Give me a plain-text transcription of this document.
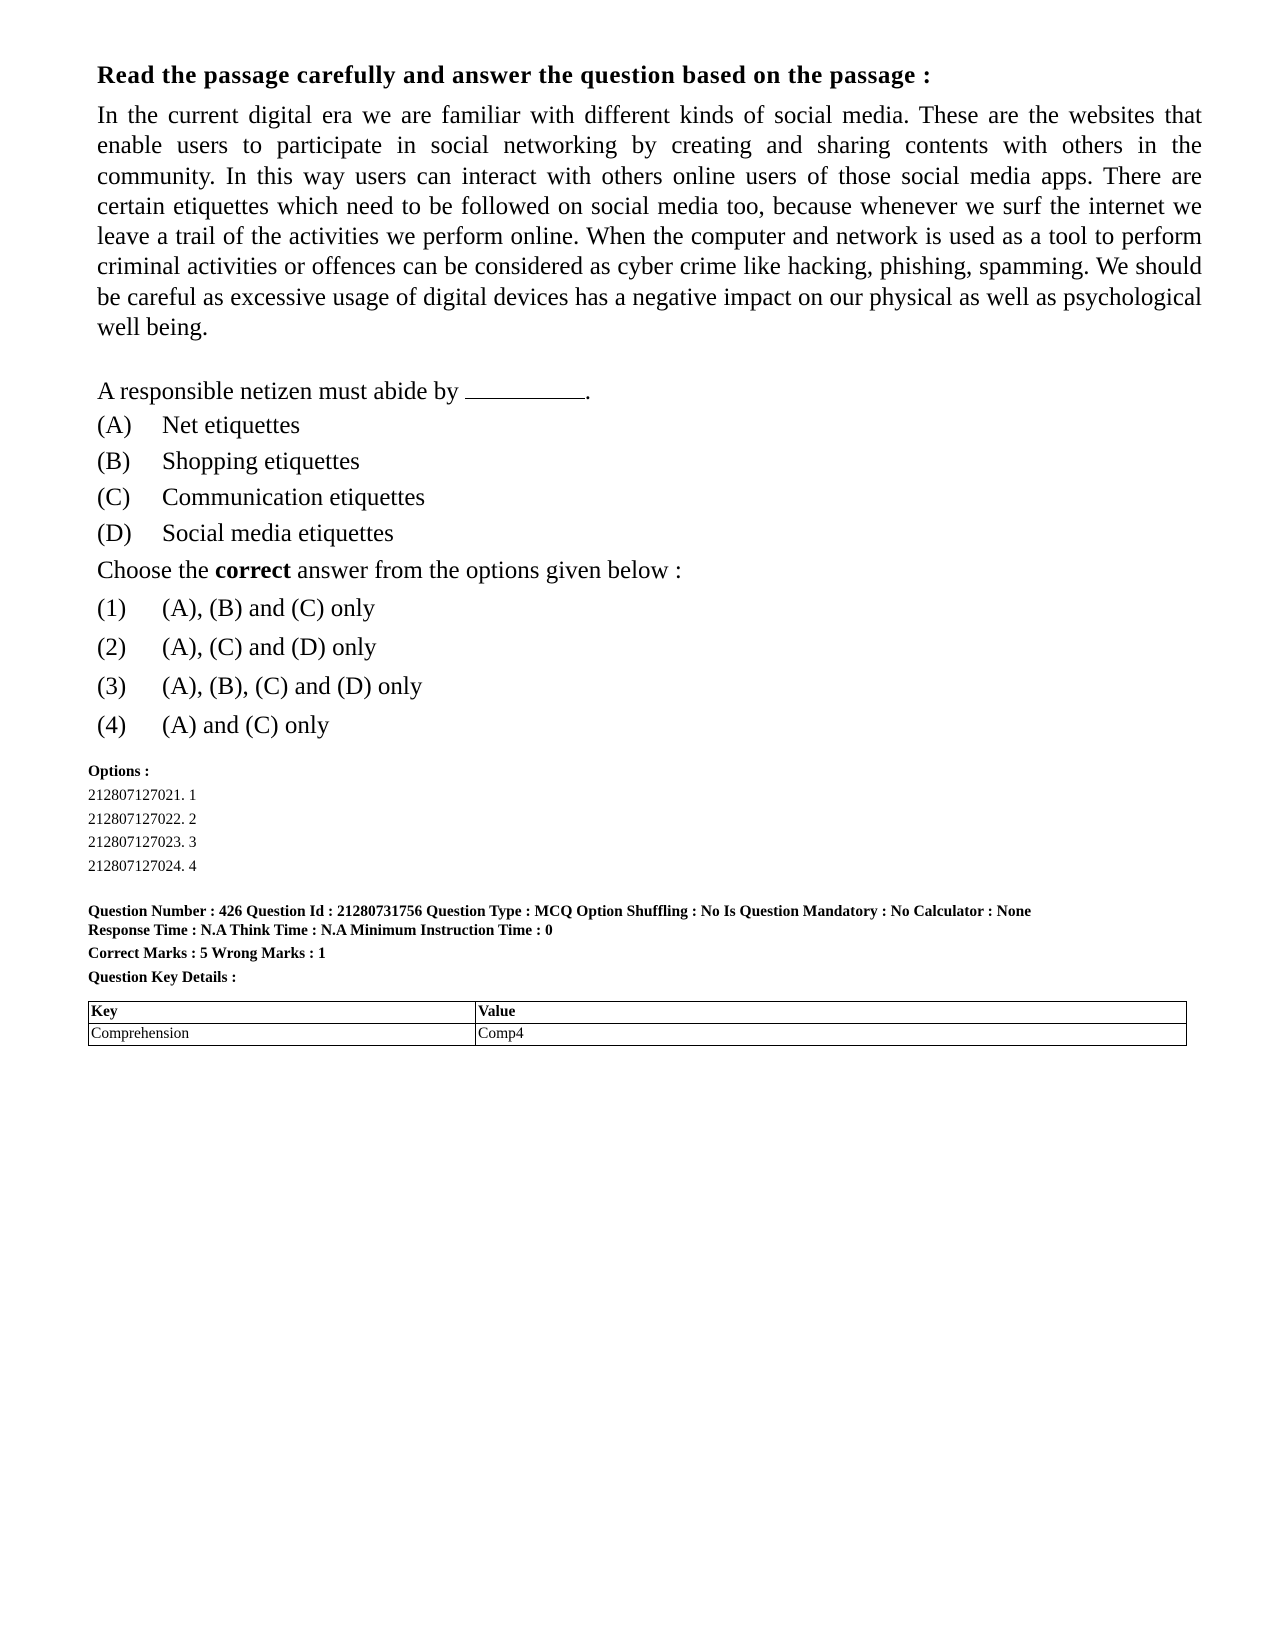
Read the passage carefully and answer the question based on the passage :
In the current digital era we are familiar with different kinds of social media. These are the websites that enable users to participate in social networking by creating and sharing contents with others in the community. In this way users can interact with others online users of those social media apps. There are certain etiquettes which need to be followed on social media too, because whenever we surf the internet we leave a trail of the activities we perform online. When the computer and network is used as a tool to perform criminal activities or offences can be considered as cyber crime like hacking, phishing, spamming. We should be careful as excessive usage of digital devices has a negative impact on our physical as well as psychological well being.
A responsible netizen must abide by	.
(A) Net etiquettes
(B) Shopping etiquettes
(C) Communication etiquettes
(D) Social media etiquettes
Choose the correct answer from the options given below :
(1) (A), (B) and (C) only
(2) (A), (C) and (D) only
(3) (A), (B), (C) and (D) only
(4) (A) and (C) only
Options :
212807127021. 1
212807127022. 2
212807127023. 3
212807127024. 4
Question Number : 426 Question Id : 21280731756 Question Type : MCQ Option Shuffling : No Is Question Mandatory : No Calculator : None
Response Time : N.A Think Time : N.A Minimum Instruction Time : 0
Correct Marks : 5 Wrong Marks : 1
Question Key Details :
Key	Value
Comprehension	Comp4
